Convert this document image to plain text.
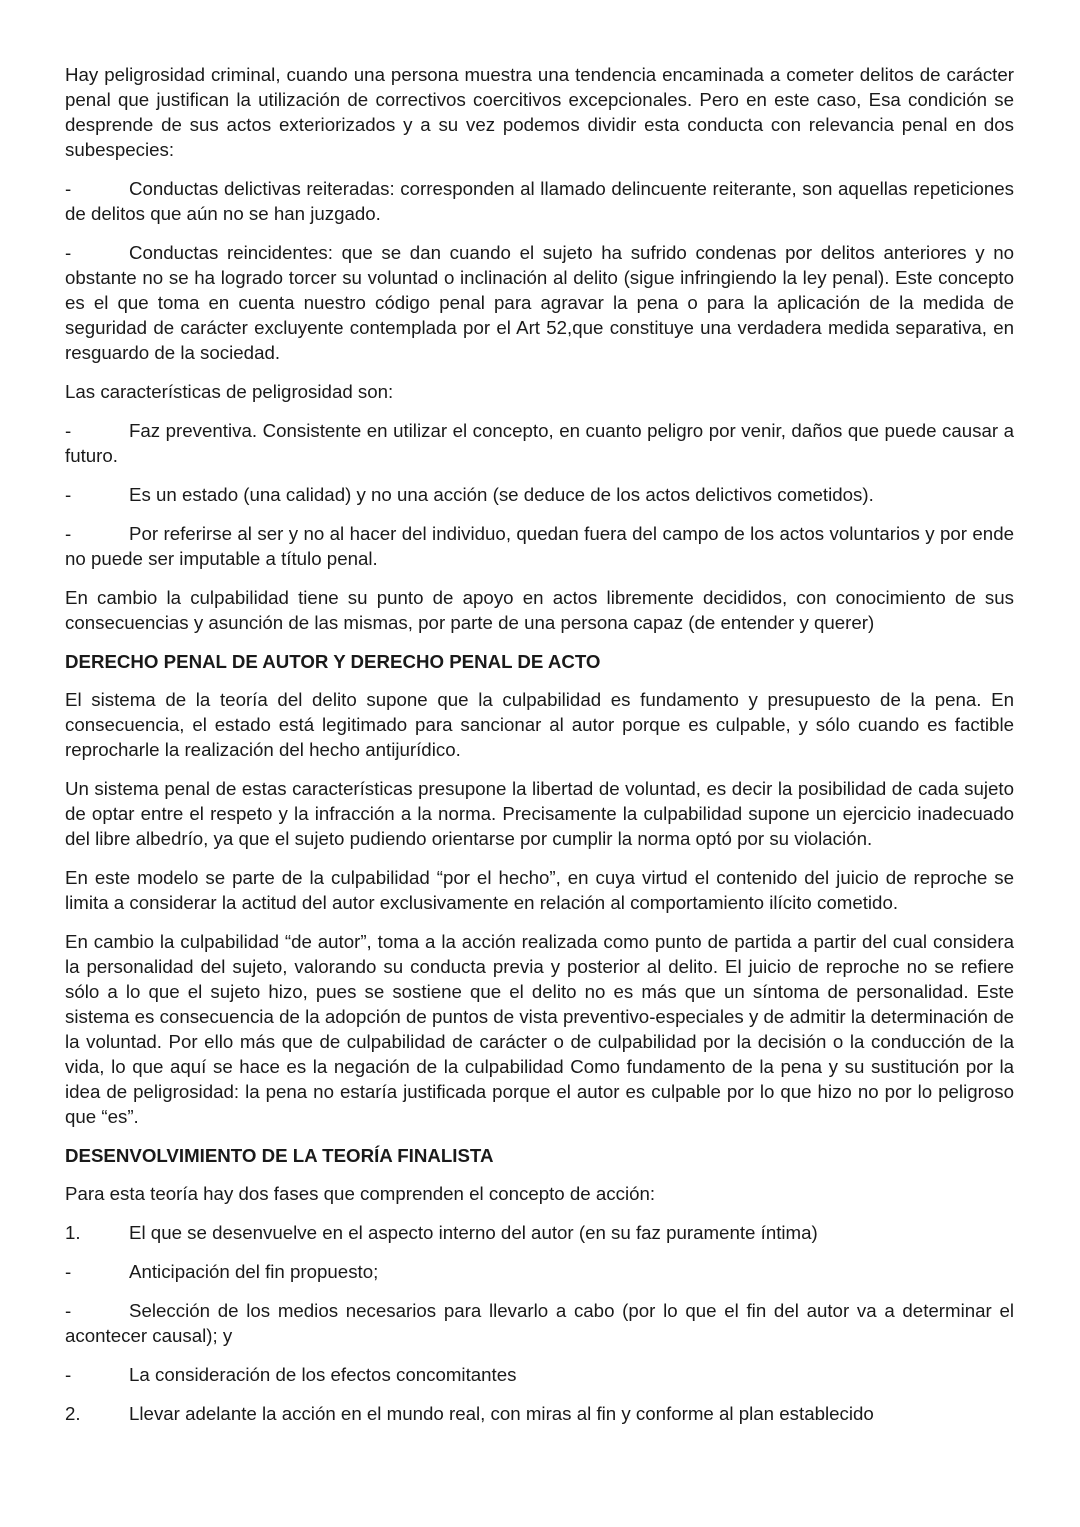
Hay peligrosidad criminal, cuando una persona muestra una tendencia encaminada a cometer delitos de carácter penal que justifican la utilización de correctivos coercitivos excepcionales. Pero en este caso, Esa condición se desprende de sus actos exteriorizados y a su vez podemos dividir esta conducta con relevancia penal en dos subespecies:

-	Conductas delictivas reiteradas: corresponden al llamado delincuente reiterante, son aquellas repeticiones de delitos que aún no se han juzgado.

-	Conductas reincidentes: que se dan cuando el sujeto ha sufrido condenas por delitos anteriores y no obstante no se ha logrado torcer su voluntad o inclinación al delito (sigue infringiendo la ley penal). Este concepto es el que toma en cuenta nuestro código penal para agravar la pena o para la aplicación de la medida de seguridad de carácter excluyente contemplada por el Art 52,que constituye una verdadera medida separativa, en resguardo de la sociedad.

Las características de peligrosidad son:

-	Faz preventiva. Consistente en utilizar el concepto, en cuanto peligro por venir, daños que puede causar a futuro.

-	Es un estado (una calidad) y no una acción (se deduce de los actos delictivos cometidos).

-	Por referirse al ser y no al hacer del individuo, quedan fuera del campo de los actos voluntarios y por ende no puede ser imputable a título penal.

En cambio la culpabilidad tiene su punto de apoyo en actos libremente decididos, con conocimiento de sus consecuencias y asunción de las mismas, por parte de una persona capaz (de entender y querer)

DERECHO PENAL DE AUTOR Y DERECHO PENAL DE ACTO

El sistema de la teoría del delito supone que la culpabilidad es fundamento y presupuesto de la pena. En consecuencia, el estado está legitimado para sancionar al autor porque es culpable, y sólo cuando es factible reprocharle la realización del hecho antijurídico.

Un sistema penal de estas características presupone la libertad de voluntad, es decir la posibilidad de cada sujeto de optar entre el respeto y la infracción a la norma. Precisamente la culpabilidad supone un ejercicio inadecuado del libre albedrío, ya que el sujeto pudiendo orientarse por cumplir la norma optó por su violación.

En este modelo se parte de la culpabilidad “por el hecho”, en cuya virtud el contenido del juicio de reproche se limita a considerar la actitud del autor exclusivamente en relación al comportamiento ilícito cometido.

En cambio la culpabilidad “de autor”, toma a la acción realizada como punto de partida a partir del cual considera la personalidad del sujeto, valorando su conducta previa y posterior al delito. El juicio de reproche no se refiere sólo a lo que el sujeto hizo, pues se sostiene que el delito no es más que un síntoma de personalidad. Este sistema es consecuencia de la adopción de puntos de vista preventivo-especiales y de admitir la determinación de la voluntad. Por ello más que de culpabilidad de carácter o de culpabilidad por la decisión o la conducción de la vida, lo que aquí se hace es la negación de la culpabilidad Como fundamento de la pena y su sustitución por la idea de peligrosidad: la pena no estaría justificada porque el autor es culpable por lo que hizo no por lo peligroso que “es”.

DESENVOLVIMIENTO DE LA TEORÍA FINALISTA

Para esta teoría hay dos fases que comprenden el concepto de acción:

1.	El que se desenvuelve en el aspecto interno del autor (en su faz puramente íntima)

-	Anticipación del fin propuesto;

-	Selección de los medios necesarios para llevarlo a cabo (por lo que el fin del autor va a determinar el acontecer causal); y

-	La consideración de los efectos concomitantes

2.	Llevar adelante la acción en el mundo real, con miras al fin y conforme al plan establecido
